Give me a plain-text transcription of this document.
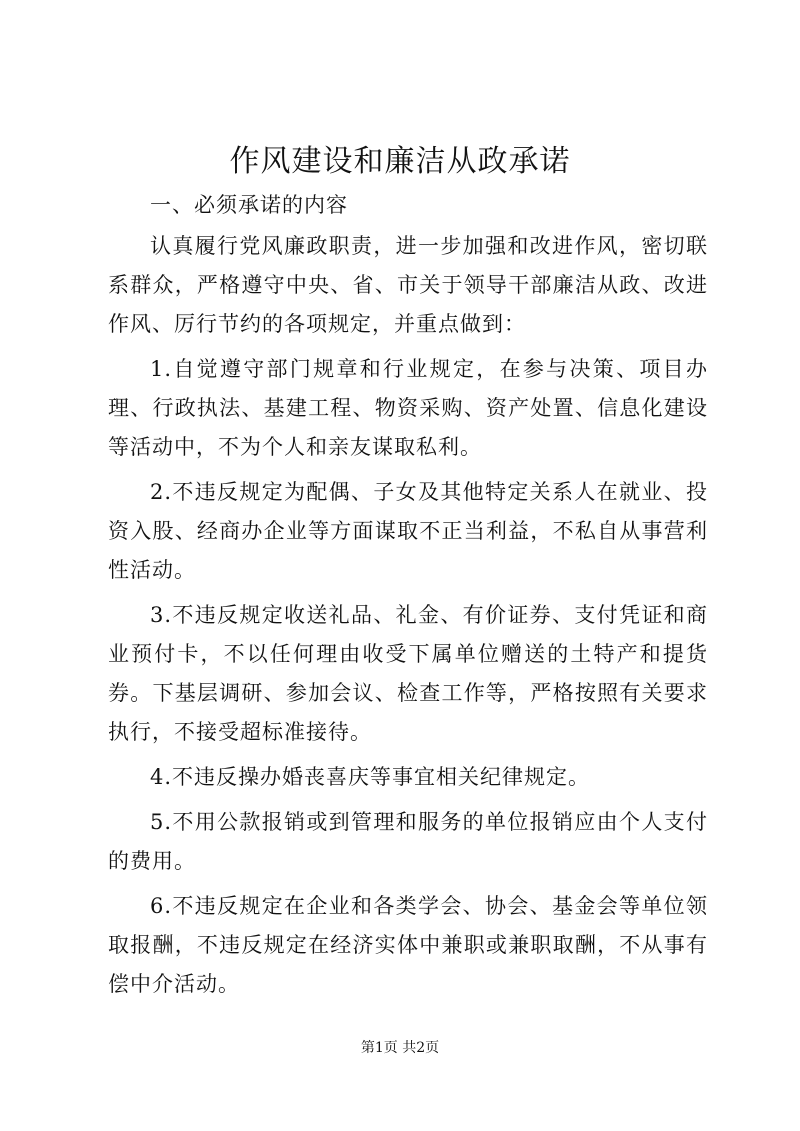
作风建设和廉洁从政承诺

一、必须承诺的内容

认真履行党风廉政职责，进一步加强和改进作风，密切联系群众，严格遵守中央、省、市关于领导干部廉洁从政、改进作风、厉行节约的各项规定，并重点做到：

1.自觉遵守部门规章和行业规定，在参与决策、项目办理、行政执法、基建工程、物资采购、资产处置、信息化建设等活动中，不为个人和亲友谋取私利。

2.不违反规定为配偶、子女及其他特定关系人在就业、投资入股、经商办企业等方面谋取不正当利益，不私自从事营利性活动。

3.不违反规定收送礼品、礼金、有价证券、支付凭证和商业预付卡，不以任何理由收受下属单位赠送的土特产和提货券。下基层调研、参加会议、检查工作等，严格按照有关要求执行，不接受超标准接待。

4.不违反操办婚丧喜庆等事宜相关纪律规定。

5.不用公款报销或到管理和服务的单位报销应由个人支付的费用。

6.不违反规定在企业和各类学会、协会、基金会等单位领取报酬，不违反规定在经济实体中兼职或兼职取酬，不从事有偿中介活动。

第1页 共2页
